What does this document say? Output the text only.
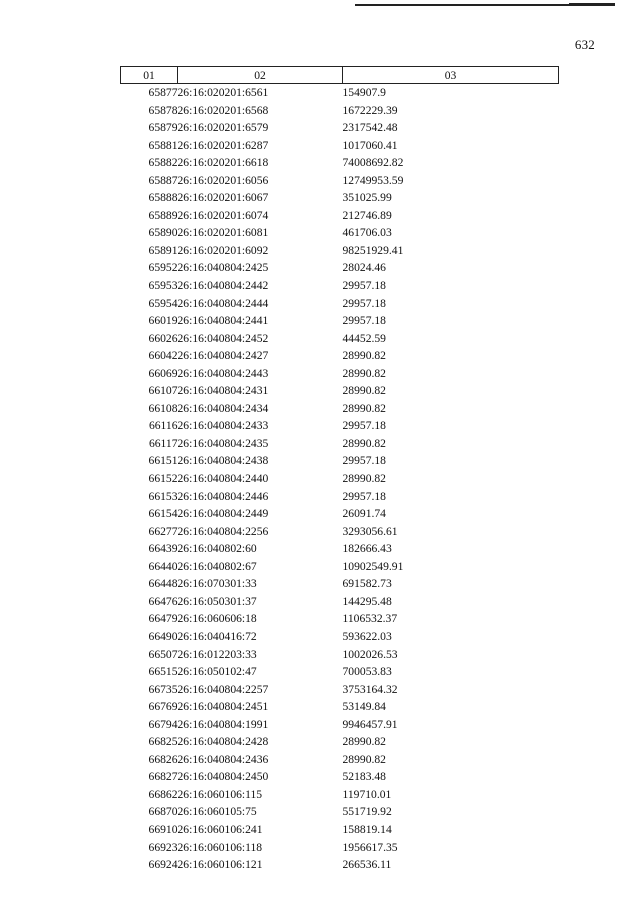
632
01	02	03
65877	26:16:020201:6561	154907.9
65878	26:16:020201:6568	1672229.39
65879	26:16:020201:6579	2317542.48
65881	26:16:020201:6287	1017060.41
65882	26:16:020201:6618	74008692.82
65887	26:16:020201:6056	12749953.59
65888	26:16:020201:6067	351025.99
65889	26:16:020201:6074	212746.89
65890	26:16:020201:6081	461706.03
65891	26:16:020201:6092	98251929.41
65952	26:16:040804:2425	28024.46
65953	26:16:040804:2442	29957.18
65954	26:16:040804:2444	29957.18
66019	26:16:040804:2441	29957.18
66026	26:16:040804:2452	44452.59
66042	26:16:040804:2427	28990.82
66069	26:16:040804:2443	28990.82
66107	26:16:040804:2431	28990.82
66108	26:16:040804:2434	28990.82
66116	26:16:040804:2433	29957.18
66117	26:16:040804:2435	28990.82
66151	26:16:040804:2438	29957.18
66152	26:16:040804:2440	28990.82
66153	26:16:040804:2446	29957.18
66154	26:16:040804:2449	26091.74
66277	26:16:040804:2256	3293056.61
66439	26:16:040802:60	182666.43
66440	26:16:040802:67	10902549.91
66448	26:16:070301:33	691582.73
66476	26:16:050301:37	144295.48
66479	26:16:060606:18	1106532.37
66490	26:16:040416:72	593622.03
66507	26:16:012203:33	1002026.53
66515	26:16:050102:47	700053.83
66735	26:16:040804:2257	3753164.32
66769	26:16:040804:2451	53149.84
66794	26:16:040804:1991	9946457.91
66825	26:16:040804:2428	28990.82
66826	26:16:040804:2436	28990.82
66827	26:16:040804:2450	52183.48
66862	26:16:060106:115	119710.01
66870	26:16:060105:75	551719.92
66910	26:16:060106:241	158819.14
66923	26:16:060106:118	1956617.35
66924	26:16:060106:121	266536.11
